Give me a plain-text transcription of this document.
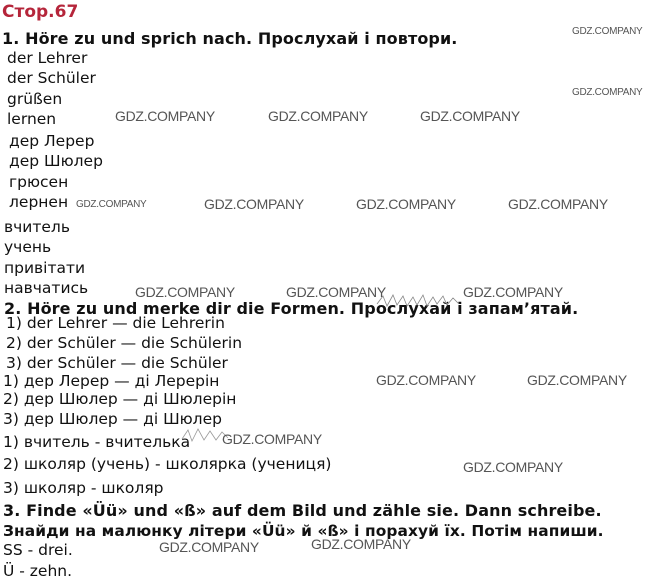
Стор.67
1. Höre zu und sprich nach. Прослухай і повтори.
der Lehrer
der Schüler
grüßen
lernen
дер Лерер
дер Шюлер
грюсен
лернен
вчитель
учень
привітати
навчатись
2. Höre zu und merke dir die Formen. Прослухай і запам’ятай.
1) der Lehrer — die Lehrerin
2) der Schüler — die Schülerin
3) der Schüler — die Schüler
1) дер Лерер — ді Лерерін
2) дер Шюлер — ді Шюлерін
3) дер Шюлер — ді Шюлер
1) вчитель - вчителька
2) школяр (учень) - школярка (учениця)
3) школяр - школяр
3. Finde «Üü» und «ß» auf dem Bild und zähle sie. Dann schreibe.
Знайди на малюнку літери «Üü» й «ß» і порахуй їх. Потім напиши.
SS - drei.
Ü - zehn.
GDZ.COMPANY
GDZ.COMPANY
GDZ.COMPANY	GDZ.COMPANY	GDZ.COMPANY
GDZ.COMPANY	GDZ.COMPANY	GDZ.COMPANY	GDZ.COMPANY
GDZ.COMPANY	GDZ.COMPANY	GDZ.COMPANY
GDZ.COMPANY	GDZ.COMPANY
GDZ.COMPANY
GDZ.COMPANY
GDZ.COMPANY	GDZ.COMPANY
